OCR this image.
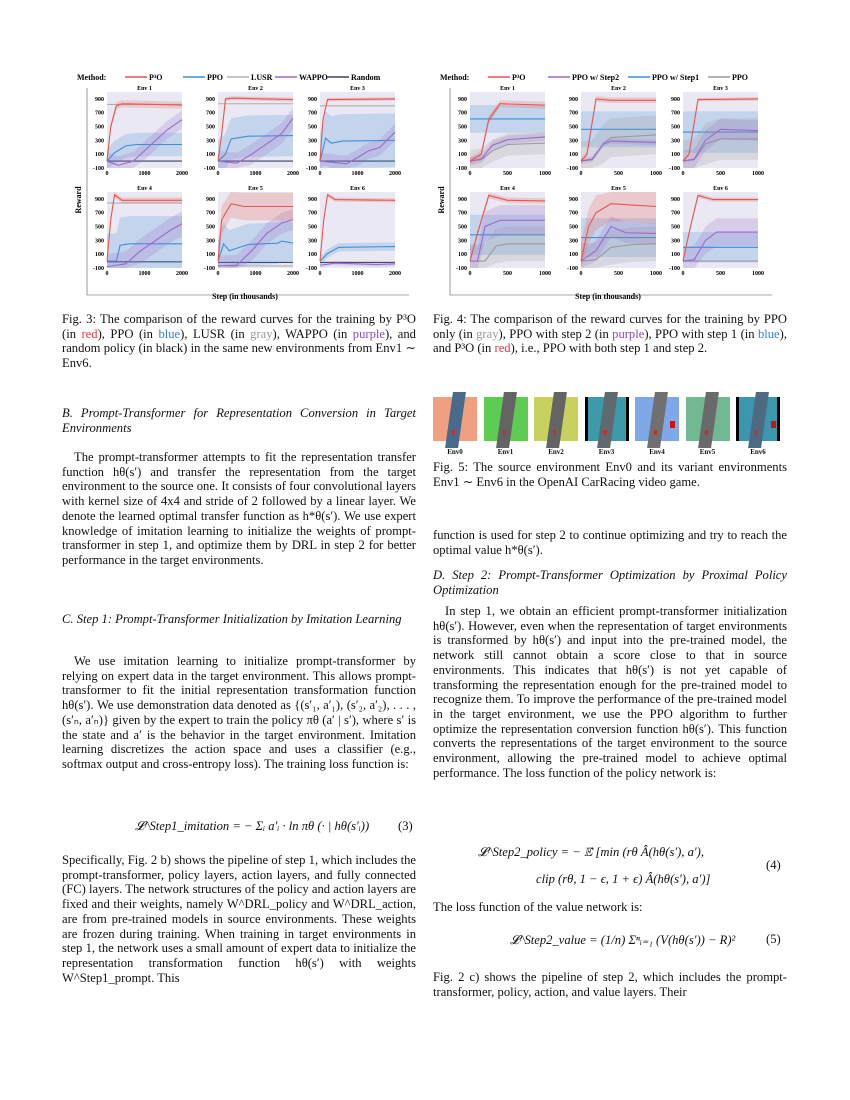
Method:	P³O	PPO	LUSR	WAPPO	Random
Reward
Step (in thousands)
Env 1
-100
100
300
500
700
900
0	1000	2000
Env 2
-100
100
300
500
700
900
0	1000	2000
Env 3
-100
100
300
500
700
900
0	1000	2000
Env 4
-100
100
300
500
700
900
0	1000	2000
Env 5
-100
100
300
500
700
900
0	1000	2000
Env 6
-100
100
300
500
700
900
0	1000	2000
Method:	P³O	PPO w/ Step2	PPO w/ Step1	PPO
Reward
Step (in thousands)
Env 1
-100
100
300
500
700
900
0	500	1000
Env 2
-100
100
300
500
700
900
0	500	1000
Env 3
-100
100
300
500
700
900
0	500	1000
Env 4
-100
100
300
500
700
900
0	500	1000
Env 5
-100
100
300
500
700
900
0	500	1000
Env 6
-100
100
300
500
700
900
0	500	1000
Fig. 3: The comparison of the reward curves for the training by P³O (in red), PPO (in blue), LUSR (in gray), WAPPO (in purple), and random policy (in black) in the same new environments from Env1 ∼ Env6.
Fig. 4: The comparison of the reward curves for the training by PPO only (in gray), PPO with step 2 (in purple), PPO with step 1 (in blue), and P³O (in red), i.e., PPO with both step 1 and step 2.
Env0	Env1	Env2	Env3	Env4	Env5	Env6
Fig. 5: The source environment Env0 and its variant environments Env1 ∼ Env6 in the OpenAI CarRacing video game.
B. Prompt-Transformer for Representation Conversion in Target Environments
The prompt-transformer attempts to fit the representation transfer function hθ(s′) and transfer the representation from the target environment to the source one. It consists of four convolutional layers with kernel size of 4x4 and stride of 2 followed by a linear layer. We denote the learned optimal transfer function as h*θ(s′). We use expert knowledge of imitation learning to initialize the weights of prompt-transformer in step 1, and optimize them by DRL in step 2 for better performance in the target environments.
C. Step 1: Prompt-Transformer Initialization by Imitation Learning
We use imitation learning to initialize prompt-transformer by relying on expert data in the target environment. This allows prompt-transformer to fit the initial representation transformation function hθ(s′). We use demonstration data denoted as {(s′₁, a′₁), (s′₂, a′₂), . . . , (s′ₙ, a′ₙ)} given by the expert to train the policy πθ (a′ | s′), where s′ is the state and a′ is the behavior in the target environment. Imitation learning discretizes the action space and uses a classifier (e.g., softmax output and cross-entropy loss). The training loss function is:
𝓛^Step1_imitation = − Σᵢ a′ᵢ · ln πθ (· | hθ(s′ᵢ)) (3)
Specifically, Fig. 2 b) shows the pipeline of step 1, which includes the prompt-transformer, policy layers, action layers, and fully connected (FC) layers. The network structures of the policy and action layers are fixed and their weights, namely W^DRL_policy and W^DRL_action, are from pre-trained models in source environments. These weights are frozen during training. When training in target environments in step 1, the network uses a small amount of expert data to initialize the representation transformation function hθ(s′) with weights W^Step1_prompt. This
function is used for step 2 to continue optimizing and try to reach the optimal value h*θ(s′).
D. Step 2: Prompt-Transformer Optimization by Proximal Policy Optimization
In step 1, we obtain an efficient prompt-transformer initialization hθ(s′). However, even when the representation of target environments is transformed by hθ(s′) and input into the pre-trained model, the network still cannot obtain a score close to that in source environments. This indicates that hθ(s′) is not yet capable of transforming the representation enough for the pre-trained model to recognize them. To improve the performance of the pre-trained model in the target environment, we use the PPO algorithm to further optimize the representation conversion function hθ(s′). This function converts the representations of the target environment to the source environment, allowing the pre-trained model to achieve optimal performance. The loss function of the policy network is:
𝓛^Step2_policy = − 𝔼̂ [min (rθ Â(hθ(s′), a′),
clip (rθ, 1 − ϵ, 1 + ϵ) Â(hθ(s′), a′)]
(4)
The loss function of the value network is:
𝓛^Step2_value = (1/n) Σⁿᵢ₌₁ (V(hθ(s′)) − R)² (5)
Fig. 2 c) shows the pipeline of step 2, which includes the prompt-transformer, policy, action, and value layers. Their
